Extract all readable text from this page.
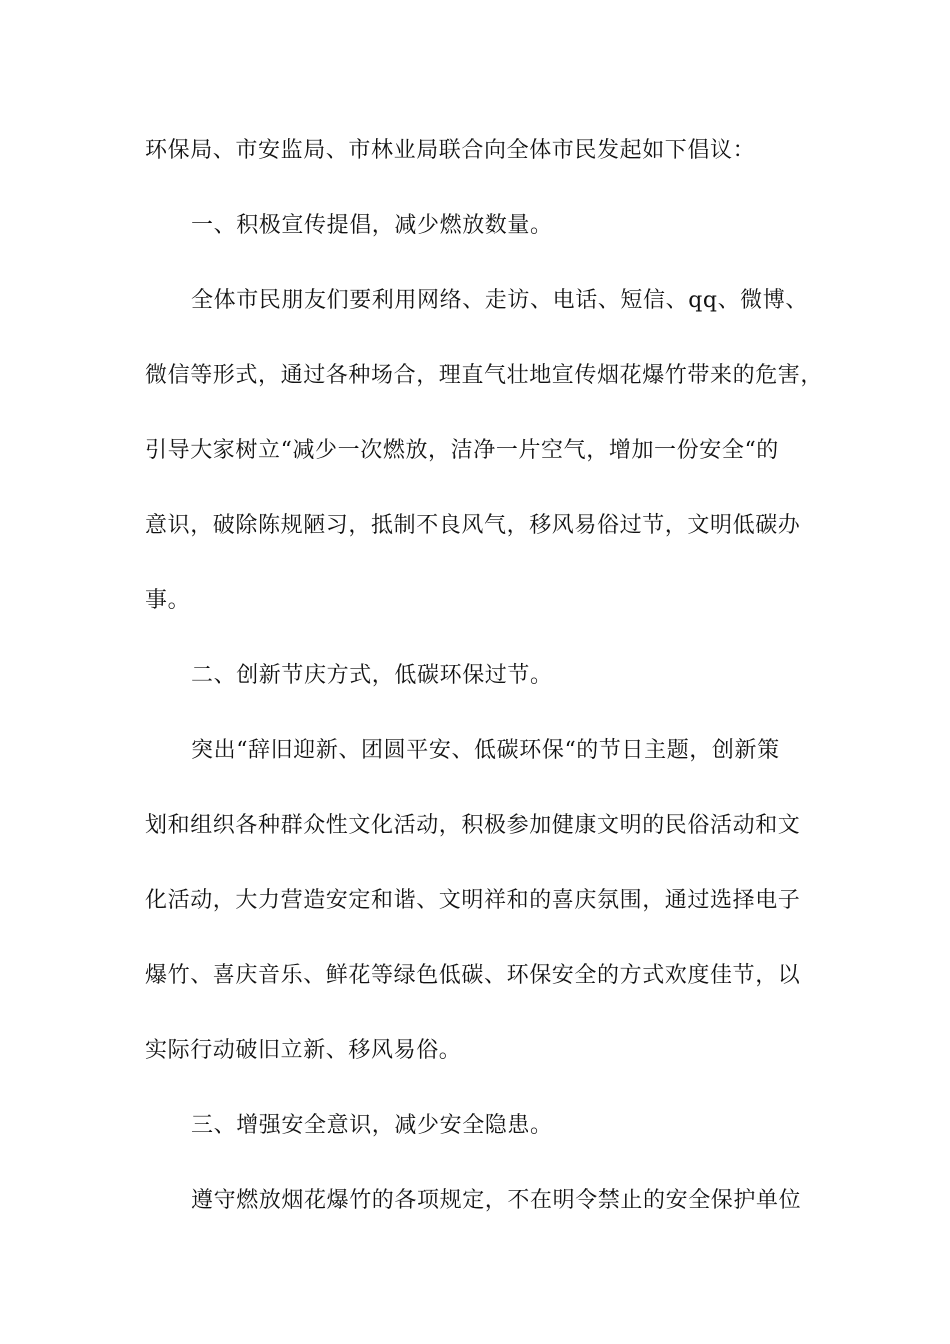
环保局、市安监局、市林业局联合向全体市民发起如下倡议：
一、积极宣传提倡，减少燃放数量。
全体市民朋友们要利用网络、走访、电话、短信、qq、微博、
微信等形式，通过各种场合，理直气壮地宣传烟花爆竹带来的危害，
引导大家树立“减少一次燃放，洁净一片空气，增加一份安全“的
意识，破除陈规陋习，抵制不良风气，移风易俗过节，文明低碳办
事。
二、创新节庆方式，低碳环保过节。
突出“辞旧迎新、团圆平安、低碳环保“的节日主题，创新策
划和组织各种群众性文化活动，积极参加健康文明的民俗活动和文
化活动，大力营造安定和谐、文明祥和的喜庆氛围，通过选择电子
爆竹、喜庆音乐、鲜花等绿色低碳、环保安全的方式欢度佳节，以
实际行动破旧立新、移风易俗。
三、增强安全意识，减少安全隐患。
遵守燃放烟花爆竹的各项规定，不在明令禁止的安全保护单位
